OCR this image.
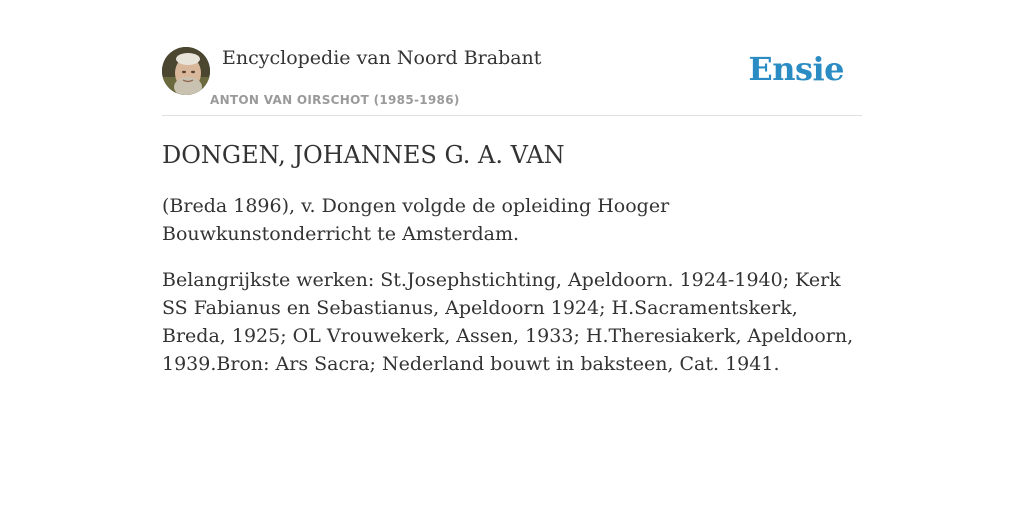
Encyclopedie van Noord Brabant
ANTON VAN OIRSCHOT (1985-1986)
Ensie
DONGEN, JOHANNES G. A. VAN

(Breda 1896), v. Dongen volgde de opleiding Hooger Bouwkunstonderricht te Amsterdam.

Belangrijkste werken: St.Josephstichting, Apeldoorn. 1924-1940; Kerk SS Fabianus en Sebastianus, Apeldoorn 1924; H.Sacramentskerk, Breda, 1925; OL Vrouwekerk, Assen, 1933; H.Theresiakerk, Apeldoorn, 1939.Bron: Ars Sacra; Nederland bouwt in baksteen, Cat. 1941.
